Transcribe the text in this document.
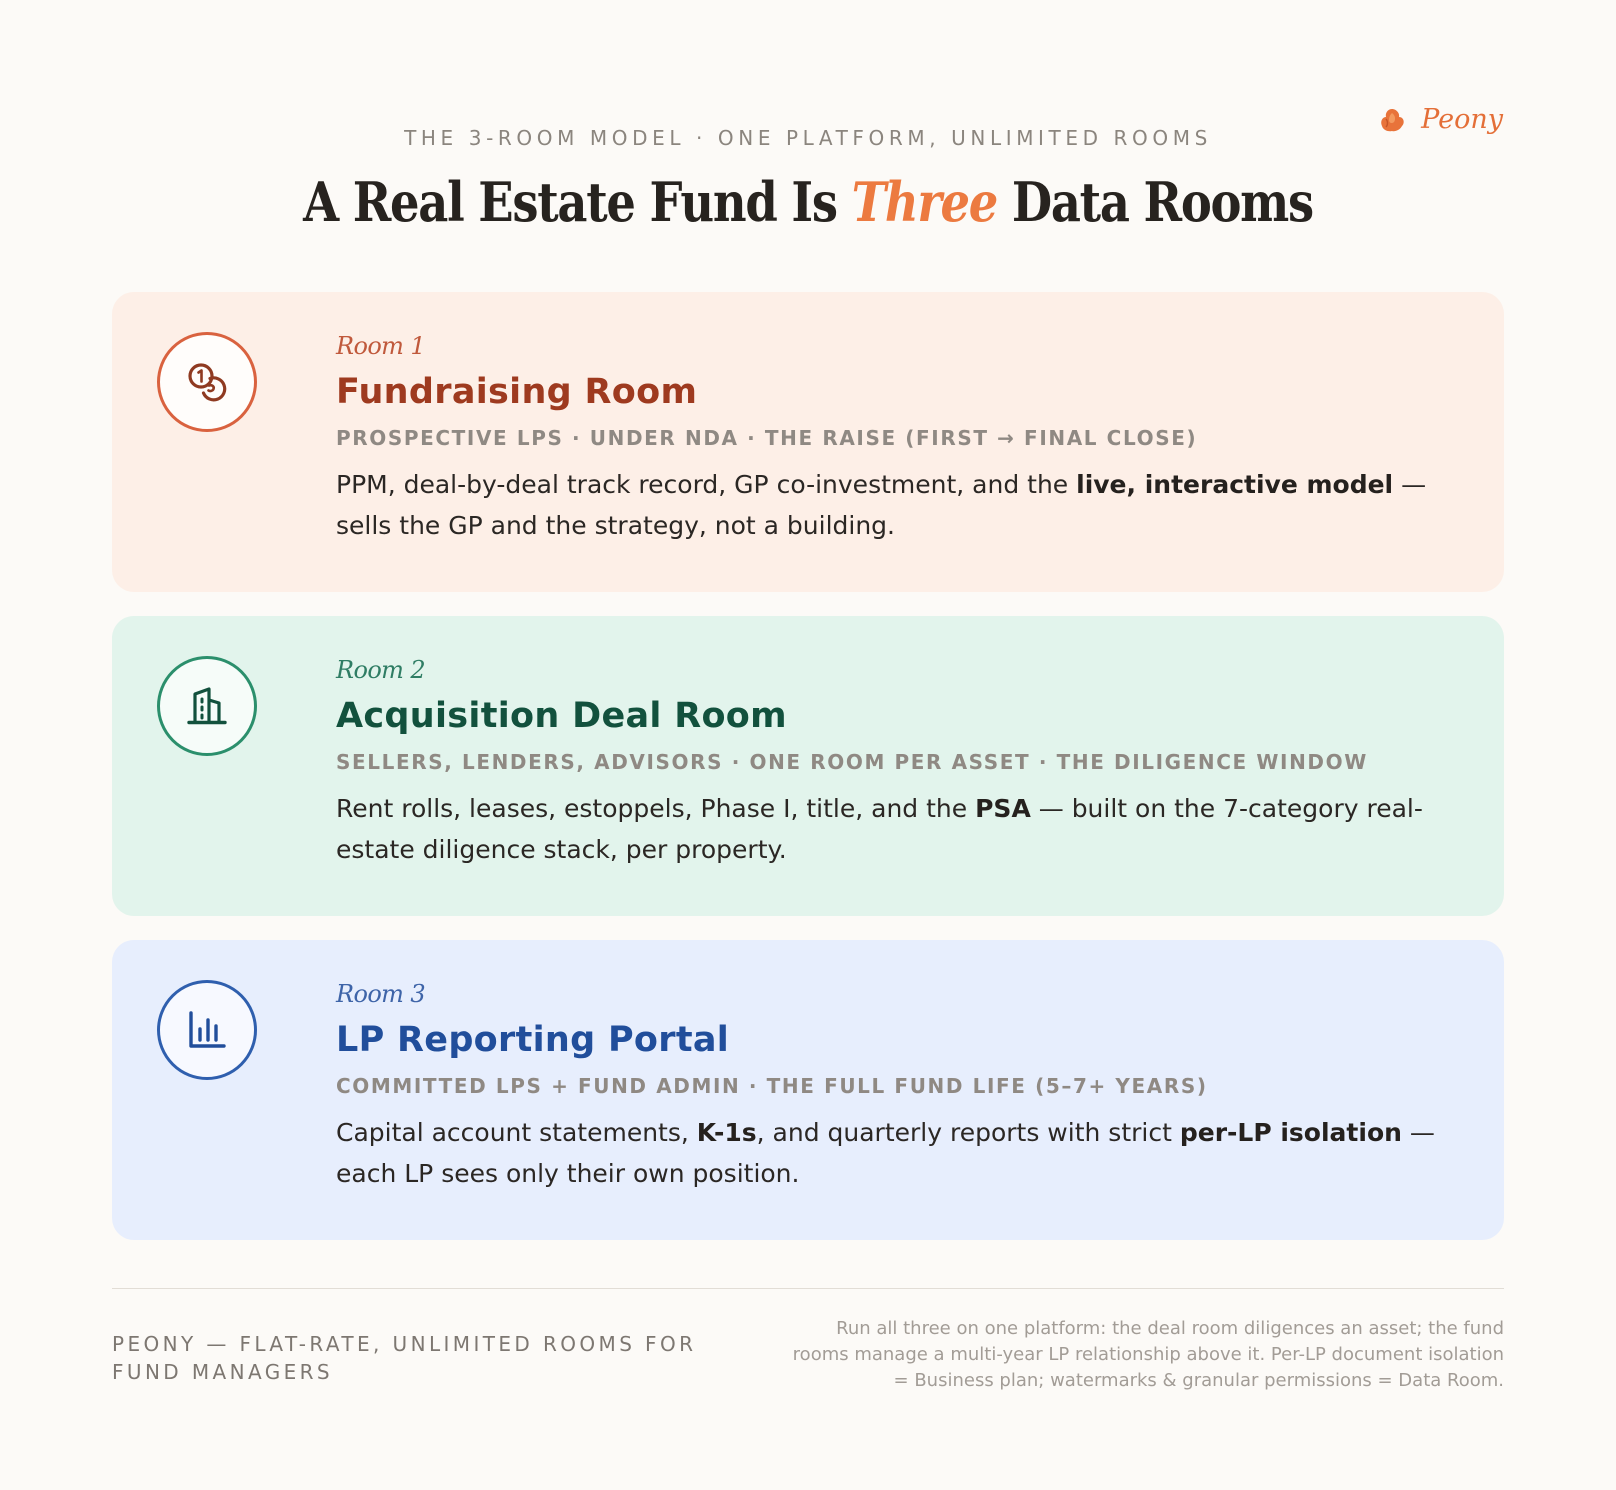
Peony
THE 3-ROOM MODEL · ONE PLATFORM, UNLIMITED ROOMS
A Real Estate Fund Is Three Data Rooms
Room 1
Fundraising Room
PROSPECTIVE LPS · UNDER NDA · THE RAISE (FIRST → FINAL CLOSE)

PPM, deal-by-deal track record, GP co-investment, and the live, interactive model — sells the GP and the strategy, not a building.

Room 2
Acquisition Deal Room
SELLERS, LENDERS, ADVISORS · ONE ROOM PER ASSET · THE DILIGENCE WINDOW

Rent rolls, leases, estoppels, Phase I, title, and the PSA — built on the 7-category real-estate diligence stack, per property.

Room 3
LP Reporting Portal
COMMITTED LPS + FUND ADMIN · THE FULL FUND LIFE (5–7+ YEARS)

Capital account statements, K-1s, and quarterly reports with strict per-LP isolation — each LP sees only their own position.

PEONY — FLAT-RATE, UNLIMITED ROOMS FOR FUND MANAGERS
Run all three on one platform: the deal room diligences an asset; the fund rooms manage a multi-year LP relationship above it. Per-LP document isolation = Business plan; watermarks & granular permissions = Data Room.
